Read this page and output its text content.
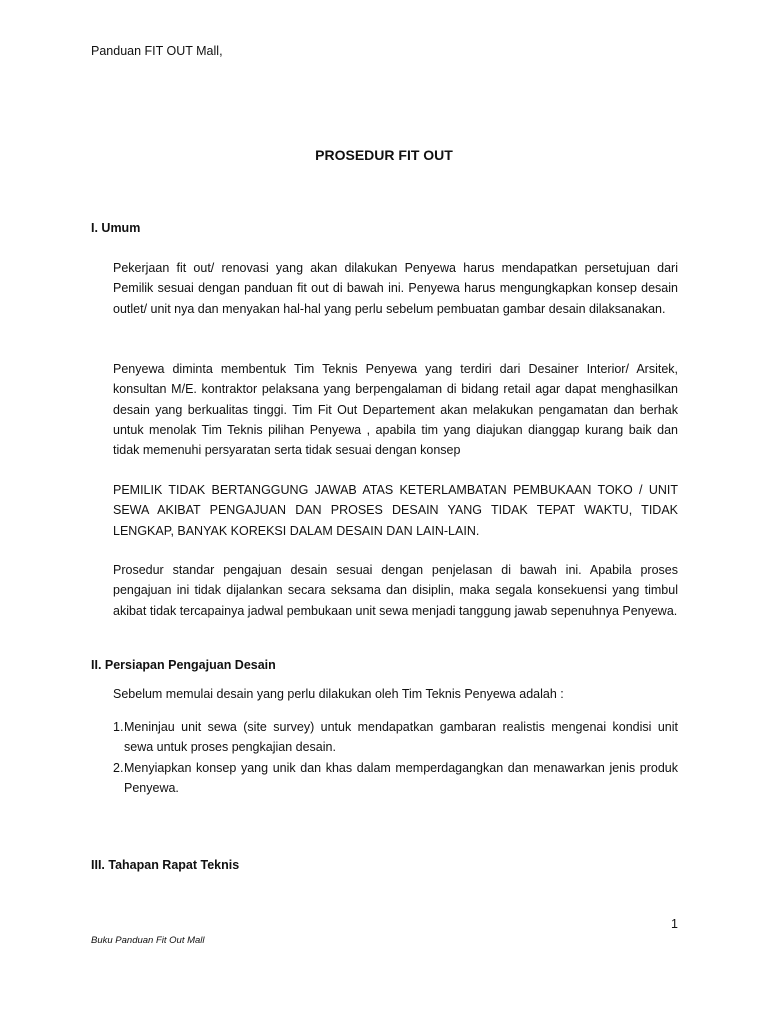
Panduan FIT OUT Mall,
PROSEDUR FIT OUT
I. Umum
Pekerjaan fit out/ renovasi yang akan dilakukan Penyewa harus mendapatkan persetujuan dari Pemilik sesuai dengan panduan fit out di bawah ini. Penyewa harus mengungkapkan konsep desain outlet/ unit nya dan menyakan hal-hal yang perlu sebelum pembuatan gambar desain dilaksanakan.
Penyewa diminta membentuk Tim Teknis Penyewa yang terdiri dari Desainer Interior/ Arsitek, konsultan M/E. kontraktor pelaksana yang berpengalaman di bidang retail agar dapat menghasilkan desain yang berkualitas tinggi. Tim Fit Out Departement akan melakukan pengamatan dan berhak untuk menolak Tim Teknis pilihan Penyewa , apabila tim yang diajukan dianggap kurang baik dan tidak memenuhi persyaratan serta tidak sesuai dengan konsep
PEMILIK TIDAK BERTANGGUNG JAWAB ATAS KETERLAMBATAN PEMBUKAAN TOKO / UNIT SEWA AKIBAT PENGAJUAN DAN PROSES DESAIN YANG TIDAK TEPAT WAKTU, TIDAK LENGKAP, BANYAK KOREKSI DALAM DESAIN DAN LAIN-LAIN.
Prosedur standar pengajuan desain sesuai dengan penjelasan di bawah ini. Apabila proses pengajuan ini tidak dijalankan secara seksama dan disiplin, maka segala konsekuensi yang timbul akibat tidak tercapainya jadwal pembukaan unit sewa menjadi tanggung jawab sepenuhnya Penyewa.
II. Persiapan Pengajuan Desain
Sebelum memulai desain yang perlu dilakukan oleh Tim Teknis Penyewa adalah :
1. Meninjau unit sewa (site survey) untuk mendapatkan gambaran realistis mengenai kondisi unit sewa untuk proses pengkajian desain.
2. Menyiapkan konsep yang unik dan khas dalam memperdagangkan dan menawarkan jenis produk Penyewa.
III. Tahapan Rapat Teknis
1
Buku Panduan Fit Out Mall
